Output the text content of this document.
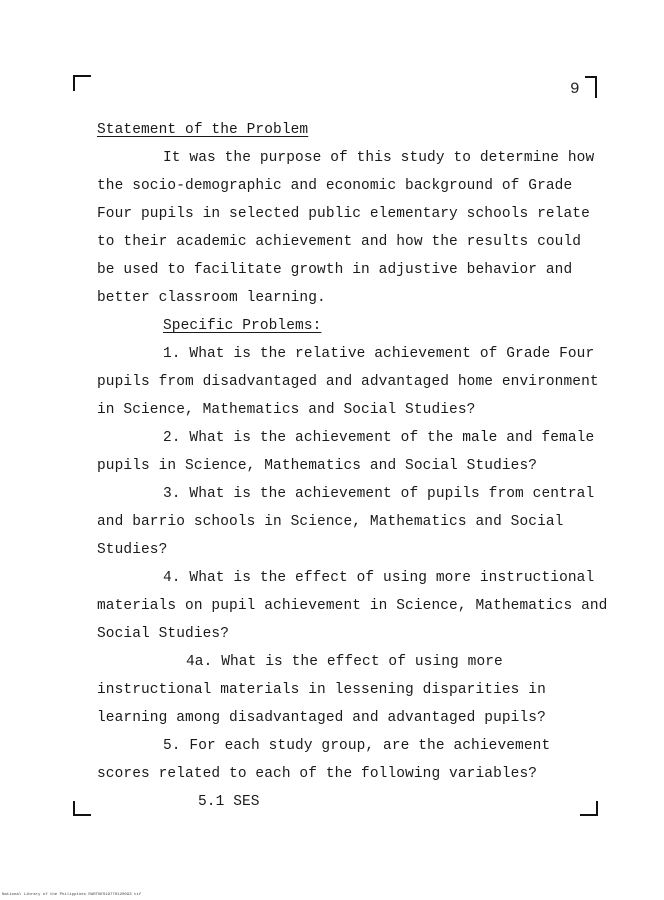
9
Statement of the Problem
It was the purpose of this study to determine how
the socio-demographic and economic background of Grade
Four pupils in selected public elementary schools relate
to their academic achievement and how the results could
be used to facilitate growth in adjustive behavior and
better classroom learning.
Specific Problems:
1. What is the relative achievement of Grade Four
pupils from disadvantaged and advantaged home environment
in Science, Mathematics and Social Studies?
2. What is the achievement of the male and female
pupils in Science, Mathematics and Social Studies?
3. What is the achievement of pupils from central
and barrio schools in Science, Mathematics and Social
Studies?
4. What is the effect of using more instructional
materials on pupil achievement in Science, Mathematics and
Social Studies?
4a. What is the effect of using more
instructional materials in lessening disparities in
learning among disadvantaged and advantaged pupils?
5. For each study group, are the achievement
scores related to each of the following variables?
5.1 SES
National Library of the Philippines RARTHES19770120093 tif
